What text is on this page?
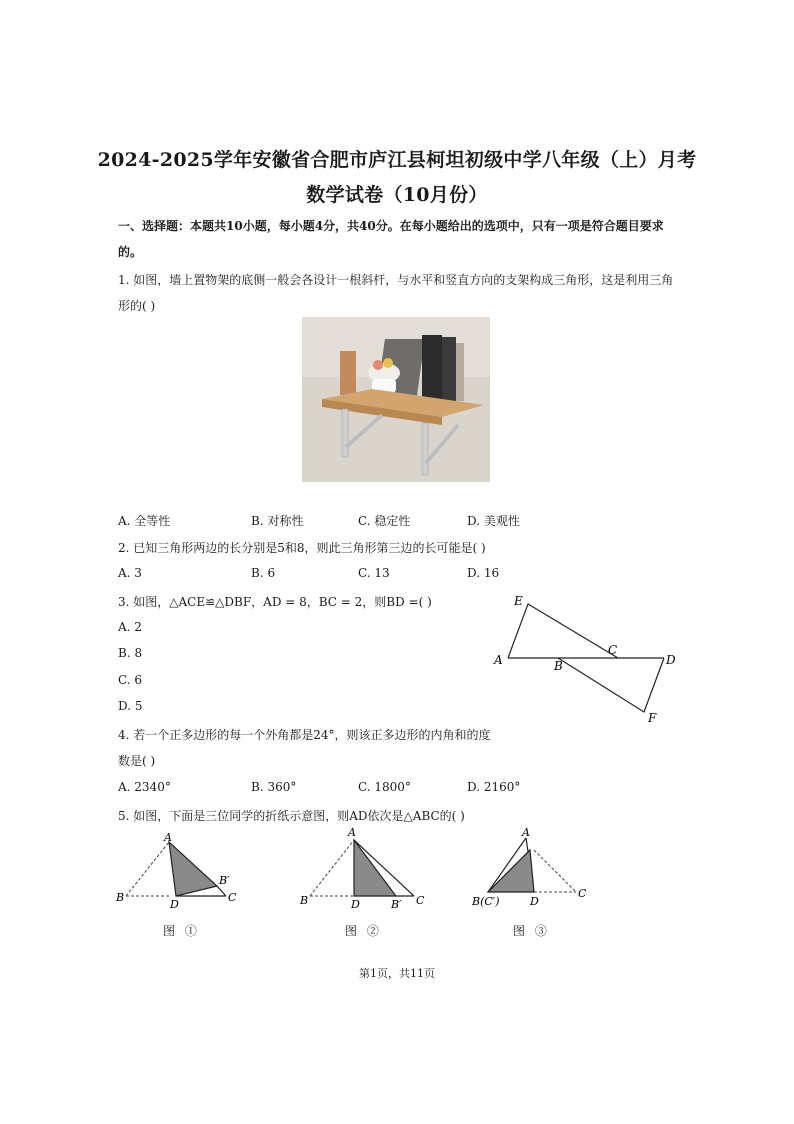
2024-2025学年安徽省合肥市庐江县柯坦初级中学八年级（上）月考
数学试卷（10月份）
一、选择题：本题共10小题，每小题4分，共40分。在每小题给出的选项中，只有一项是符合题目要求
的。
1. 如图，墙上置物架的底侧一般会各设计一根斜杆，与水平和竖直方向的支架构成三角形，这是利用三角
形的( )
A. 全等性	B. 对称性	C. 稳定性	D. 美观性
2. 已知三角形两边的长分别是5和8，则此三角形第三边的长可能是( )
A. 3	B. 6	C. 13	D. 16
3. 如图，△ACE≌△DBF，AD = 8，BC = 2，则BD =( )
A. 2
B. 8
C. 6
D. 5
E
A	B
C
D
F
4. 若一个正多边形的每一个外角都是24°，则该正多边形的内角和的度
数是( )
A. 2340°	B. 360°	C. 1800°	D. 2160°
5. 如图，下面是三位同学的折纸示意图，则AD依次是△ABC的( )
A
B
D
B′
C
图 ①
A
B	D	B′ C
图 ②
A
B(C′)	D
C
图 ③
第1页，共11页
